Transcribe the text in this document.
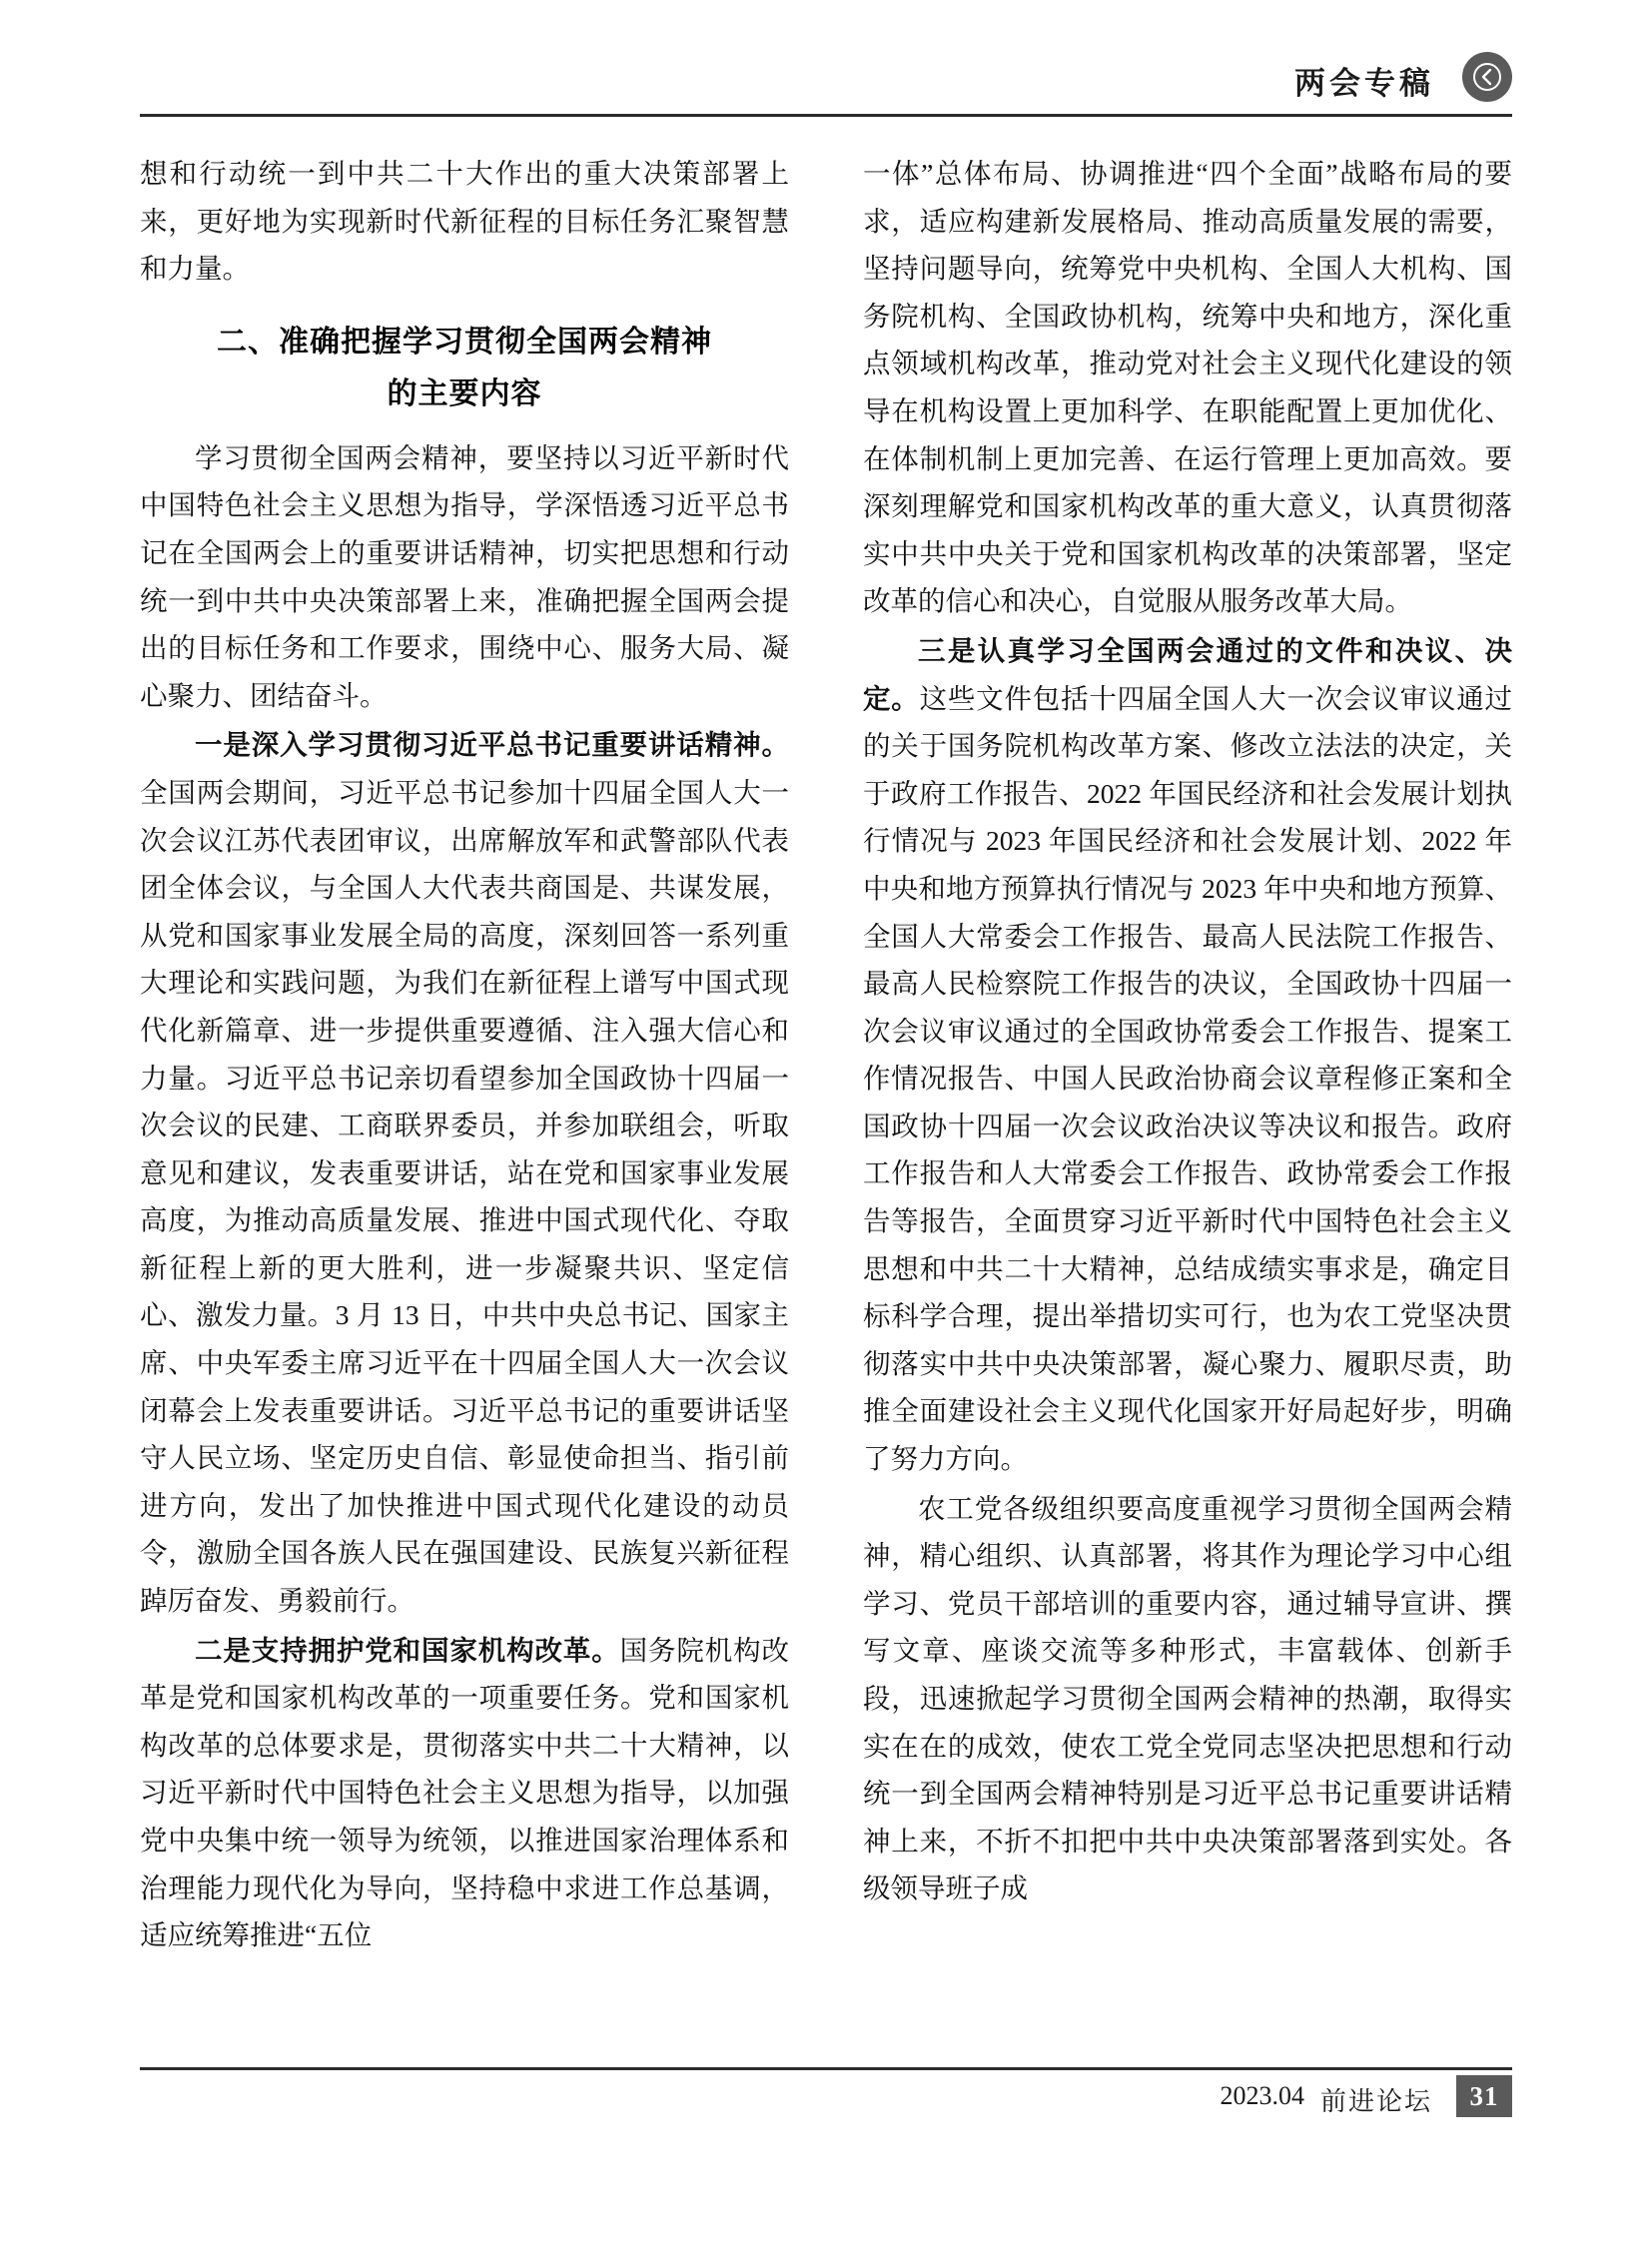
两会专稿

想和行动统一到中共二十大作出的重大决策部署上来，更好地为实现新时代新征程的目标任务汇聚智慧和力量。

二、准确把握学习贯彻全国两会精神
的主要内容

学习贯彻全国两会精神，要坚持以习近平新时代中国特色社会主义思想为指导，学深悟透习近平总书记在全国两会上的重要讲话精神，切实把思想和行动统一到中共中央决策部署上来，准确把握全国两会提出的目标任务和工作要求，围绕中心、服务大局、凝心聚力、团结奋斗。

一是深入学习贯彻习近平总书记重要讲话精神。全国两会期间，习近平总书记参加十四届全国人大一次会议江苏代表团审议，出席解放军和武警部队代表团全体会议，与全国人大代表共商国是、共谋发展，从党和国家事业发展全局的高度，深刻回答一系列重大理论和实践问题，为我们在新征程上谱写中国式现代化新篇章、进一步提供重要遵循、注入强大信心和力量。习近平总书记亲切看望参加全国政协十四届一次会议的民建、工商联界委员，并参加联组会，听取意见和建议，发表重要讲话，站在党和国家事业发展高度，为推动高质量发展、推进中国式现代化、夺取新征程上新的更大胜利，进一步凝聚共识、坚定信心、激发力量。3 月 13 日，中共中央总书记、国家主席、中央军委主席习近平在十四届全国人大一次会议闭幕会上发表重要讲话。习近平总书记的重要讲话坚守人民立场、坚定历史自信、彰显使命担当、指引前进方向，发出了加快推进中国式现代化建设的动员令，激励全国各族人民在强国建设、民族复兴新征程踔厉奋发、勇毅前行。

二是支持拥护党和国家机构改革。国务院机构改革是党和国家机构改革的一项重要任务。党和国家机构改革的总体要求是，贯彻落实中共二十大精神，以习近平新时代中国特色社会主义思想为指导，以加强党中央集中统一领导为统领，以推进国家治理体系和治理能力现代化为导向，坚持稳中求进工作总基调，适应统筹推进“五位

一体”总体布局、协调推进“四个全面”战略布局的要求，适应构建新发展格局、推动高质量发展的需要，坚持问题导向，统筹党中央机构、全国人大机构、国务院机构、全国政协机构，统筹中央和地方，深化重点领域机构改革，推动党对社会主义现代化建设的领导在机构设置上更加科学、在职能配置上更加优化、在体制机制上更加完善、在运行管理上更加高效。要深刻理解党和国家机构改革的重大意义，认真贯彻落实中共中央关于党和国家机构改革的决策部署，坚定改革的信心和决心，自觉服从服务改革大局。

三是认真学习全国两会通过的文件和决议、决定。这些文件包括十四届全国人大一次会议审议通过的关于国务院机构改革方案、修改立法法的决定，关于政府工作报告、2022 年国民经济和社会发展计划执行情况与 2023 年国民经济和社会发展计划、2022 年中央和地方预算执行情况与 2023 年中央和地方预算、全国人大常委会工作报告、最高人民法院工作报告、最高人民检察院工作报告的决议，全国政协十四届一次会议审议通过的全国政协常委会工作报告、提案工作情况报告、中国人民政治协商会议章程修正案和全国政协十四届一次会议政治决议等决议和报告。政府工作报告和人大常委会工作报告、政协常委会工作报告等报告，全面贯穿习近平新时代中国特色社会主义思想和中共二十大精神，总结成绩实事求是，确定目标科学合理，提出举措切实可行，也为农工党坚决贯彻落实中共中央决策部署，凝心聚力、履职尽责，助推全面建设社会主义现代化国家开好局起好步，明确了努力方向。

农工党各级组织要高度重视学习贯彻全国两会精神，精心组织、认真部署，将其作为理论学习中心组学习、党员干部培训的重要内容，通过辅导宣讲、撰写文章、座谈交流等多种形式，丰富载体、创新手段，迅速掀起学习贯彻全国两会精神的热潮，取得实实在在的成效，使农工党全党同志坚决把思想和行动统一到全国两会精神特别是习近平总书记重要讲话精神上来，不折不扣把中共中央决策部署落到实处。各级领导班子成

2023.04 前进论坛	31
